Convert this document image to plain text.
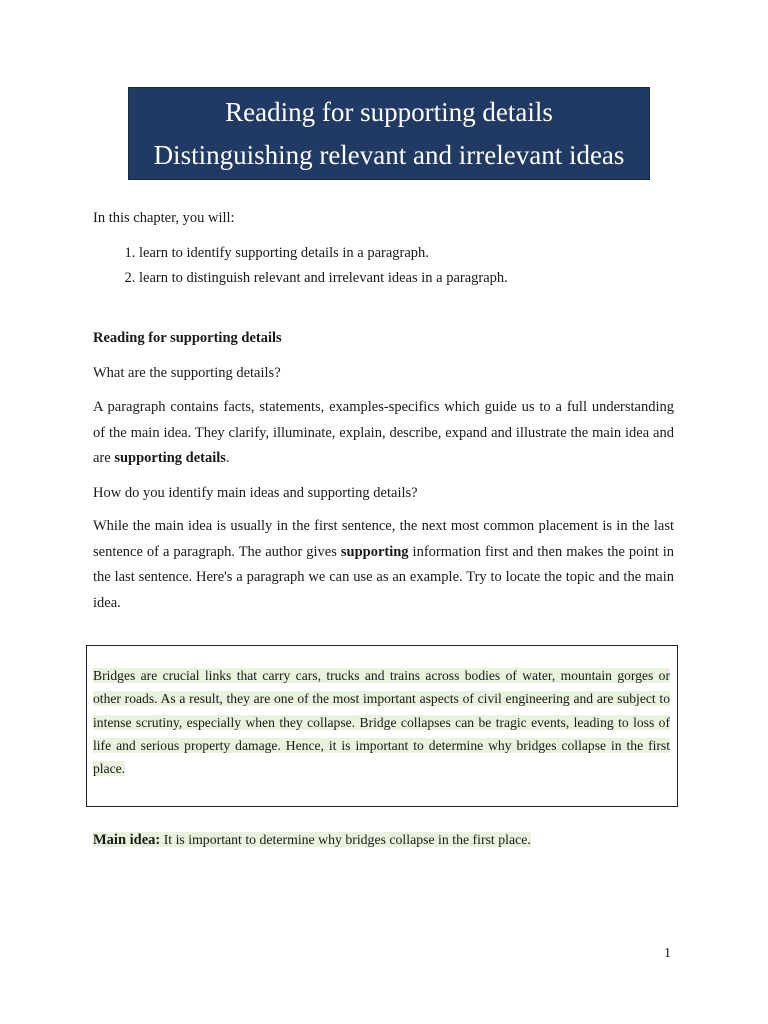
Reading for supporting details
Distinguishing relevant and irrelevant ideas
In this chapter, you will:
1. learn to identify supporting details in a paragraph.
2. learn to distinguish relevant and irrelevant ideas in a paragraph.
Reading for supporting details
What are the supporting details?
A paragraph contains facts, statements, examples-specifics which guide us to a full understanding of the main idea. They clarify, illuminate, explain, describe, expand and illustrate the main idea and are supporting details.
How do you identify main ideas and supporting details?
While the main idea is usually in the first sentence, the next most common placement is in the last sentence of a paragraph. The author gives supporting information first and then makes the point in the last sentence. Here's a paragraph we can use as an example. Try to locate the topic and the main idea.
Bridges are crucial links that carry cars, trucks and trains across bodies of water, mountain gorges or other roads. As a result, they are one of the most important aspects of civil engineering and are subject to intense scrutiny, especially when they collapse. Bridge collapses can be tragic events, leading to loss of life and serious property damage. Hence, it is important to determine why bridges collapse in the first place.
Main idea: It is important to determine why bridges collapse in the first place.
1
